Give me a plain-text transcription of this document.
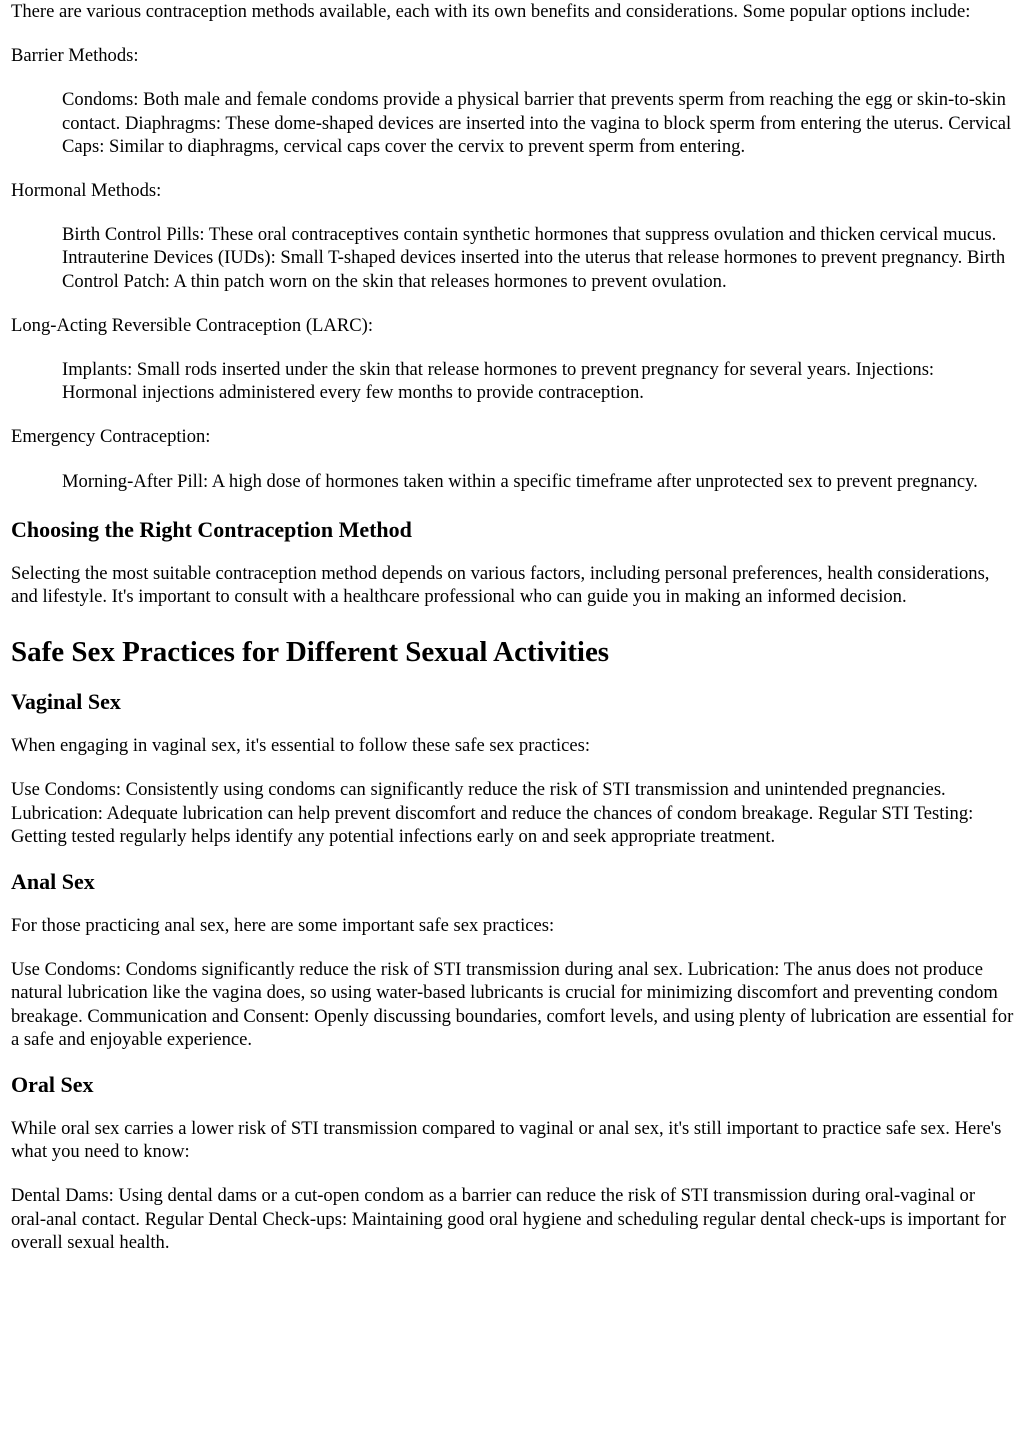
There are various contraception methods available, each with its own benefits and considerations. Some popular options include:

Barrier Methods:

Condoms: Both male and female condoms provide a physical barrier that prevents sperm from reaching the egg or skin-to-skin contact. Diaphragms: These dome-shaped devices are inserted into the vagina to block sperm from entering the uterus. Cervical Caps: Similar to diaphragms, cervical caps cover the cervix to prevent sperm from entering.

Hormonal Methods:

Birth Control Pills: These oral contraceptives contain synthetic hormones that suppress ovulation and thicken cervical mucus. Intrauterine Devices (IUDs): Small T-shaped devices inserted into the uterus that release hormones to prevent pregnancy. Birth Control Patch: A thin patch worn on the skin that releases hormones to prevent ovulation.

Long-Acting Reversible Contraception (LARC):

Implants: Small rods inserted under the skin that release hormones to prevent pregnancy for several years. Injections: Hormonal injections administered every few months to provide contraception.

Emergency Contraception:

Morning-After Pill: A high dose of hormones taken within a specific timeframe after unprotected sex to prevent pregnancy.
Choosing the Right Contraception Method

Selecting the most suitable contraception method depends on various factors, including personal preferences, health considerations, and lifestyle. It's important to consult with a healthcare professional who can guide you in making an informed decision.

Safe Sex Practices for Different Sexual Activities
Vaginal Sex

When engaging in vaginal sex, it's essential to follow these safe sex practices:

Use Condoms: Consistently using condoms can significantly reduce the risk of STI transmission and unintended pregnancies. Lubrication: Adequate lubrication can help prevent discomfort and reduce the chances of condom breakage. Regular STI Testing: Getting tested regularly helps identify any potential infections early on and seek appropriate treatment.

Anal Sex

For those practicing anal sex, here are some important safe sex practices:

Use Condoms: Condoms significantly reduce the risk of STI transmission during anal sex. Lubrication: The anus does not produce natural lubrication like the vagina does, so using water-based lubricants is crucial for minimizing discomfort and preventing condom breakage. Communication and Consent: Openly discussing boundaries, comfort levels, and using plenty of lubrication are essential for a safe and enjoyable experience.

Oral Sex

While oral sex carries a lower risk of STI transmission compared to vaginal or anal sex, it's still important to practice safe sex. Here's what you need to know:

Dental Dams: Using dental dams or a cut-open condom as a barrier can reduce the risk of STI transmission during oral-vaginal or oral-anal contact. Regular Dental Check-ups: Maintaining good oral hygiene and scheduling regular dental check-ups is important for overall sexual health.
